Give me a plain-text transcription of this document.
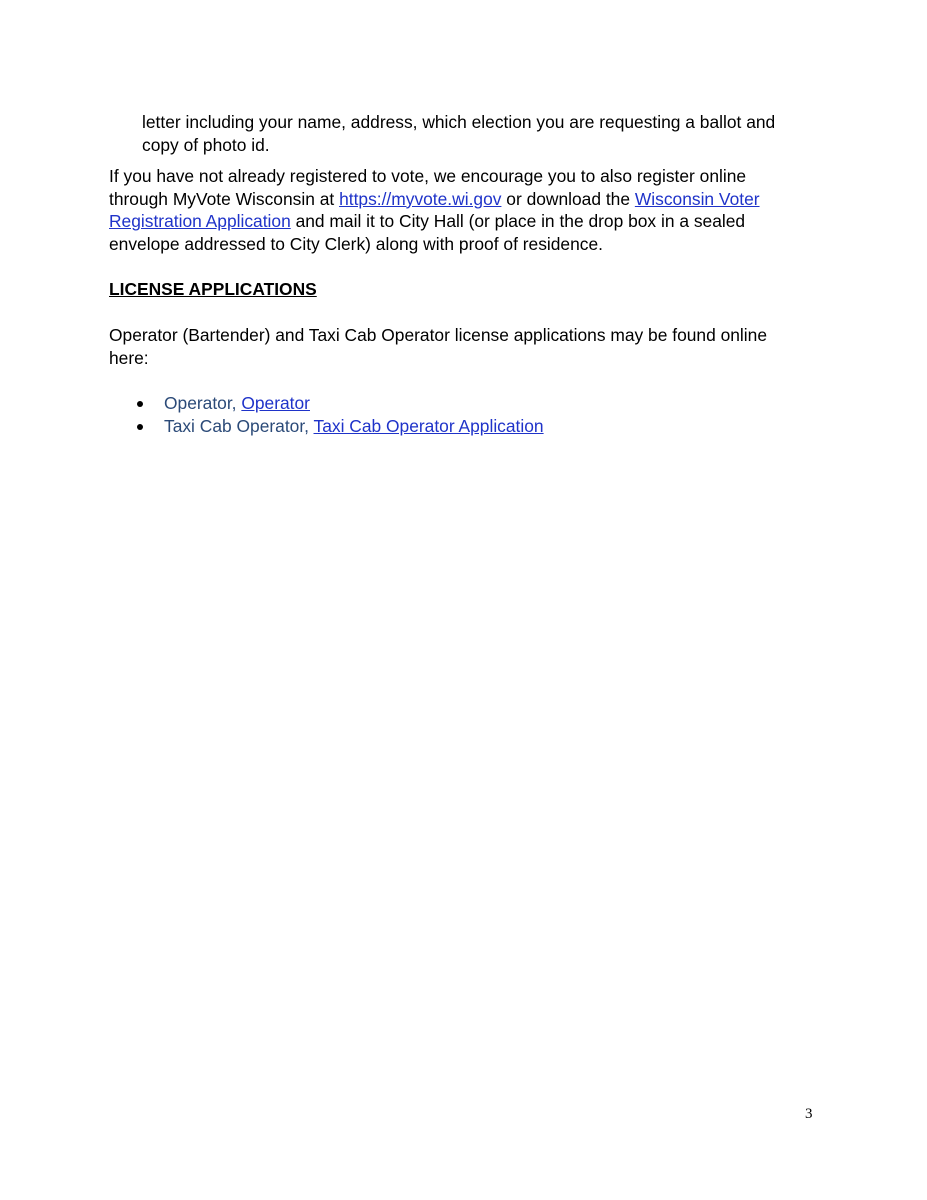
letter including your name, address, which election you are requesting a ballot and
copy of photo id.

If you have not already registered to vote, we encourage you to also register online through MyVote Wisconsin at https://myvote.wi.gov or download the Wisconsin Voter Registration Application and mail it to City Hall (or place in the drop box in a sealed envelope addressed to City Clerk) along with proof of residence.

LICENSE APPLICATIONS

Operator (Bartender) and Taxi Cab Operator license applications may be found online here:

Operator, Operator
Taxi Cab Operator, Taxi Cab Operator Application
3
